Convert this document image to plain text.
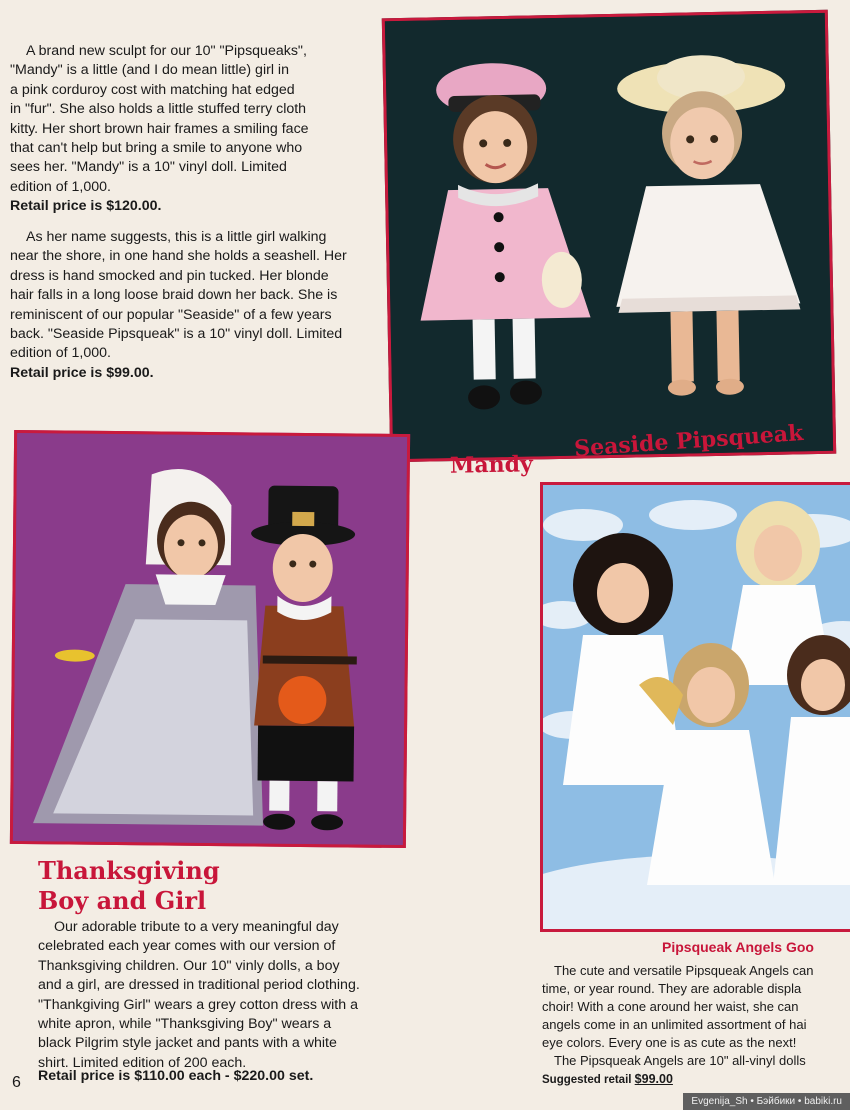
A brand new sculpt for our 10" "Pipsqueaks",

"Mandy" is a little (and I do mean little) girl in

a pink corduroy cost with matching hat edged

in "fur". She also holds a little stuffed terry cloth

kitty. Her short brown hair frames a smiling face

that can't help but bring a smile to anyone who

sees her. "Mandy" is a 10" vinyl doll. Limited

edition of 1,000.

Retail price is $120.00.

As her name suggests, this is a little girl walking

near the shore, in one hand she holds a seashell. Her

dress is hand smocked and pin tucked. Her blonde

hair falls in a long loose braid down her back. She is

reminiscent of our popular "Seaside" of a few years

back. "Seaside Pipsqueak" is a 10" vinyl doll. Limited

edition of 1,000.

Retail price is $99.00.

Seaside Pipsqueak
Mandy
Thanksgiving
Boy and Girl
Our adorable tribute to a very meaningful day
celebrated each year comes with our version of
Thanksgiving children. Our 10" vinly dolls, a boy
and a girl, are dressed in traditional period clothing.
"Thankgiving Girl" wears a grey cotton dress with a
white apron, while "Thanksgiving Boy" wears a
black Pilgrim style jacket and pants with a white
shirt. Limited edition of 200 each.
6 Retail price is $110.00 each - $220.00 set.
Pipsqueak Angels Goo
The cute and versatile Pipsqueak Angels can
time, or year round. They are adorable displa
choir! With a cone around her waist, she can
angels come in an unlimited assortment of hai
eye colors. Every one is as cute as the next!
The Pipsqueak Angels are 10" all-vinyl dolls
Suggested retail $99.00
Evgenija_Sh • Бэйбики • babiki.ru
